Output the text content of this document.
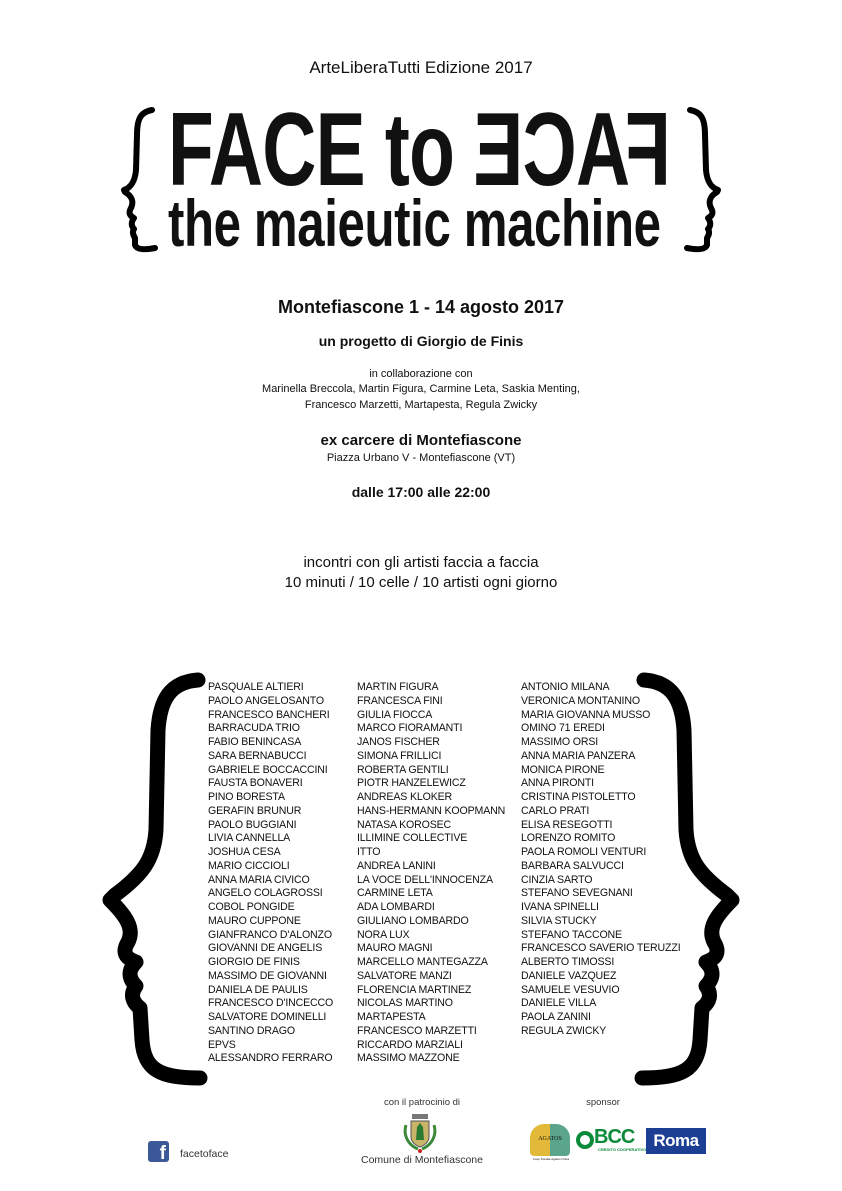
ArteLiberaTutti Edizione 2017
FACE to FACE
the maieutic machine
Montefiascone 1 - 14 agosto 2017
un progetto di Giorgio de Finis
in collaborazione con
Marinella Breccola, Martin Figura, Carmine Leta, Saskia Menting,
Francesco Marzetti, Martapesta, Regula Zwicky
ex carcere di Montefiascone
Piazza Urbano V - Montefiascone (VT)
dalle 17:00 alle 22:00
incontri con gli artisti faccia a faccia
10 minuti / 10 celle / 10 artisti ogni giorno
PASQUALE ALTIERI
PAOLO ANGELOSANTO
FRANCESCO BANCHERI
BARRACUDA TRIO
FABIO BENINCASA
SARA BERNABUCCI
GABRIELE BOCCACCINI
FAUSTA BONAVERI
PINO BORESTA
GERAFIN BRUNUR
PAOLO BUGGIANI
LIVIA CANNELLA
JOSHUA CESA
MARIO CICCIOLI
ANNA MARIA CIVICO
ANGELO COLAGROSSI
COBOL PONGIDE
MAURO CUPPONE
GIANFRANCO D'ALONZO
GIOVANNI DE ANGELIS
GIORGIO DE FINIS
MASSIMO DE GIOVANNI
DANIELA DE PAULIS
FRANCESCO D'INCECCO
SALVATORE DOMINELLI
SANTINO DRAGO
EPVS
ALESSANDRO FERRARO
MARTIN FIGURA
FRANCESCA FINI
GIULIA FIOCCA
MARCO FIORAMANTI
JANOS FISCHER
SIMONA FRILLICI
ROBERTA GENTILI
PIOTR HANZELEWICZ
ANDREAS KLOKER
HANS-HERMANN KOOPMANN
NATASA KOROSEC
ILLIMINE COLLECTIVE
ITTO
ANDREA LANINI
LA VOCE DELL'INNOCENZA
CARMINE LETA
ADA LOMBARDI
GIULIANO LOMBARDO
NORA LUX
MAURO MAGNI
MARCELLO MANTEGAZZA
SALVATORE MANZI
FLORENCIA MARTINEZ
NICOLAS MARTINO
MARTAPESTA
FRANCESCO MARZETTI
RICCARDO MARZIALI
MASSIMO MAZZONE
ANTONIO MILANA
VERONICA MONTANINO
MARIA GIOVANNA MUSSO
OMINO 71 EREDI
MASSIMO ORSI
ANNA MARIA PANZERA
MONICA PIRONE
ANNA PIRONTI
CRISTINA PISTOLETTO
CARLO PRATI
ELISA RESEGOTTI
LORENZO ROMITO
PAOLA ROMOLI VENTURI
BARBARA SALVUCCI
CINZIA SARTO
STEFANO SEVEGNANI
IVANA SPINELLI
SILVIA STUCKY
STEFANO TACCONE
FRANCESCO SAVERIO TERUZZI
ALBERTO TIMOSSI
DANIELE VAZQUEZ
SAMUELE VESUVIO
DANIELE VILLA
PAOLA ZANINI
REGULA ZWICKY
f facetoface
con il patrocinio di
Comune di Montefiascone
sponsor
AGATOS
Coop Sociale Agatos Onlus
BCC
CREDITO COOPERATIVO Roma
